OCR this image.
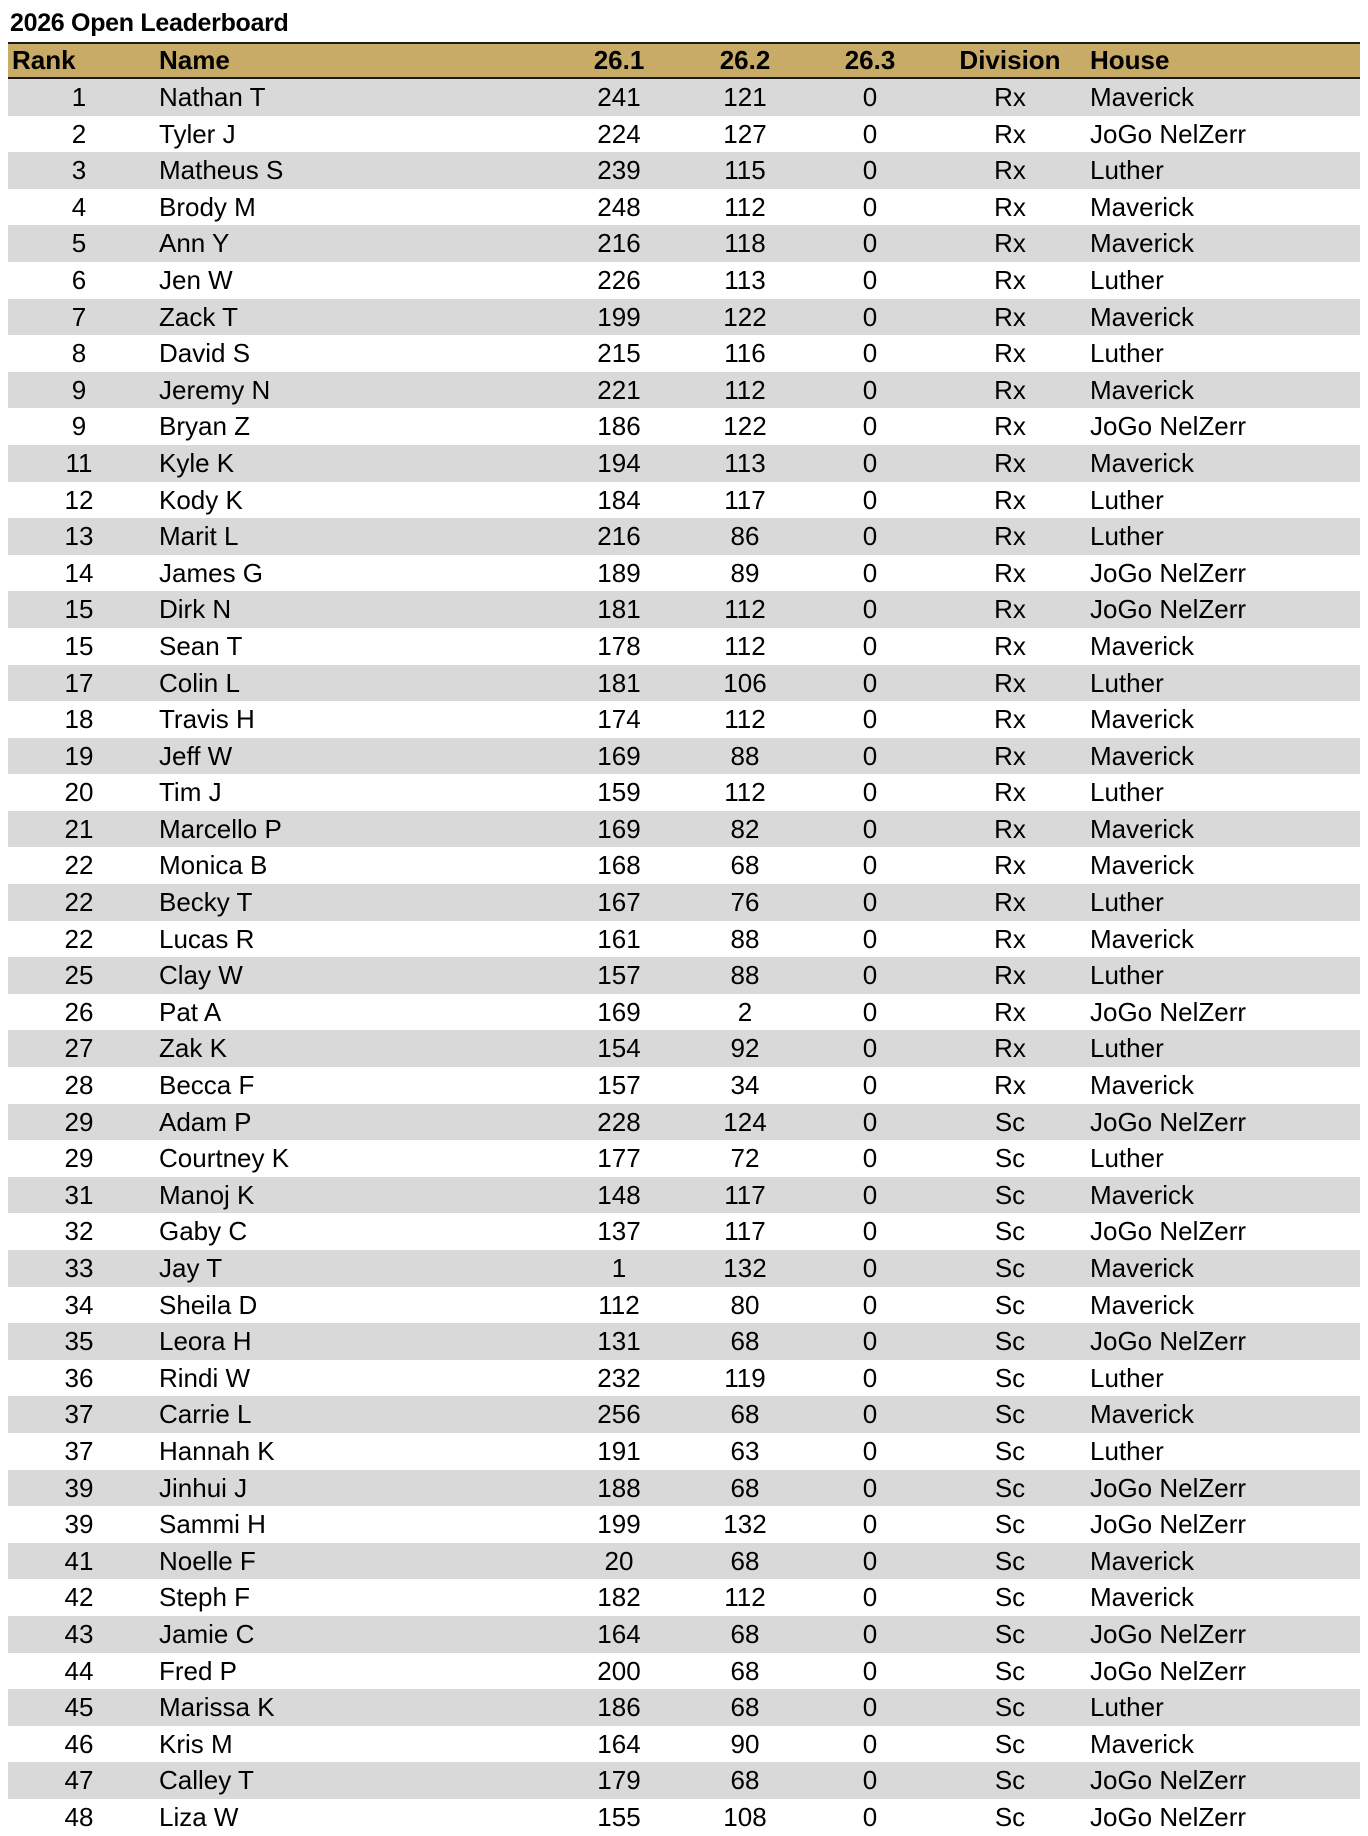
2026 Open Leaderboard
Rank	Name	26.1	26.2	26.3	Division	House
1	Nathan T	241	121	0	Rx	Maverick
2	Tyler J	224	127	0	Rx	JoGo NelZerr
3	Matheus S	239	115	0	Rx	Luther
4	Brody M	248	112	0	Rx	Maverick
5	Ann Y	216	118	0	Rx	Maverick
6	Jen W	226	113	0	Rx	Luther
7	Zack T	199	122	0	Rx	Maverick
8	David S	215	116	0	Rx	Luther
9	Jeremy N	221	112	0	Rx	Maverick
9	Bryan Z	186	122	0	Rx	JoGo NelZerr
11	Kyle K	194	113	0	Rx	Maverick
12	Kody K	184	117	0	Rx	Luther
13	Marit L	216	86	0	Rx	Luther
14	James G	189	89	0	Rx	JoGo NelZerr
15	Dirk N	181	112	0	Rx	JoGo NelZerr
15	Sean T	178	112	0	Rx	Maverick
17	Colin L	181	106	0	Rx	Luther
18	Travis H	174	112	0	Rx	Maverick
19	Jeff W	169	88	0	Rx	Maverick
20	Tim J	159	112	0	Rx	Luther
21	Marcello P	169	82	0	Rx	Maverick
22	Monica B	168	68	0	Rx	Maverick
22	Becky T	167	76	0	Rx	Luther
22	Lucas R	161	88	0	Rx	Maverick
25	Clay W	157	88	0	Rx	Luther
26	Pat A	169	2	0	Rx	JoGo NelZerr
27	Zak K	154	92	0	Rx	Luther
28	Becca F	157	34	0	Rx	Maverick
29	Adam P	228	124	0	Sc	JoGo NelZerr
29	Courtney K	177	72	0	Sc	Luther
31	Manoj K	148	117	0	Sc	Maverick
32	Gaby C	137	117	0	Sc	JoGo NelZerr
33	Jay T	1	132	0	Sc	Maverick
34	Sheila D	112	80	0	Sc	Maverick
35	Leora H	131	68	0	Sc	JoGo NelZerr
36	Rindi W	232	119	0	Sc	Luther
37	Carrie L	256	68	0	Sc	Maverick
37	Hannah K	191	63	0	Sc	Luther
39	Jinhui J	188	68	0	Sc	JoGo NelZerr
39	Sammi H	199	132	0	Sc	JoGo NelZerr
41	Noelle F	20	68	0	Sc	Maverick
42	Steph F	182	112	0	Sc	Maverick
43	Jamie C	164	68	0	Sc	JoGo NelZerr
44	Fred P	200	68	0	Sc	JoGo NelZerr
45	Marissa K	186	68	0	Sc	Luther
46	Kris M	164	90	0	Sc	Maverick
47	Calley T	179	68	0	Sc	JoGo NelZerr
48	Liza W	155	108	0	Sc	JoGo NelZerr
